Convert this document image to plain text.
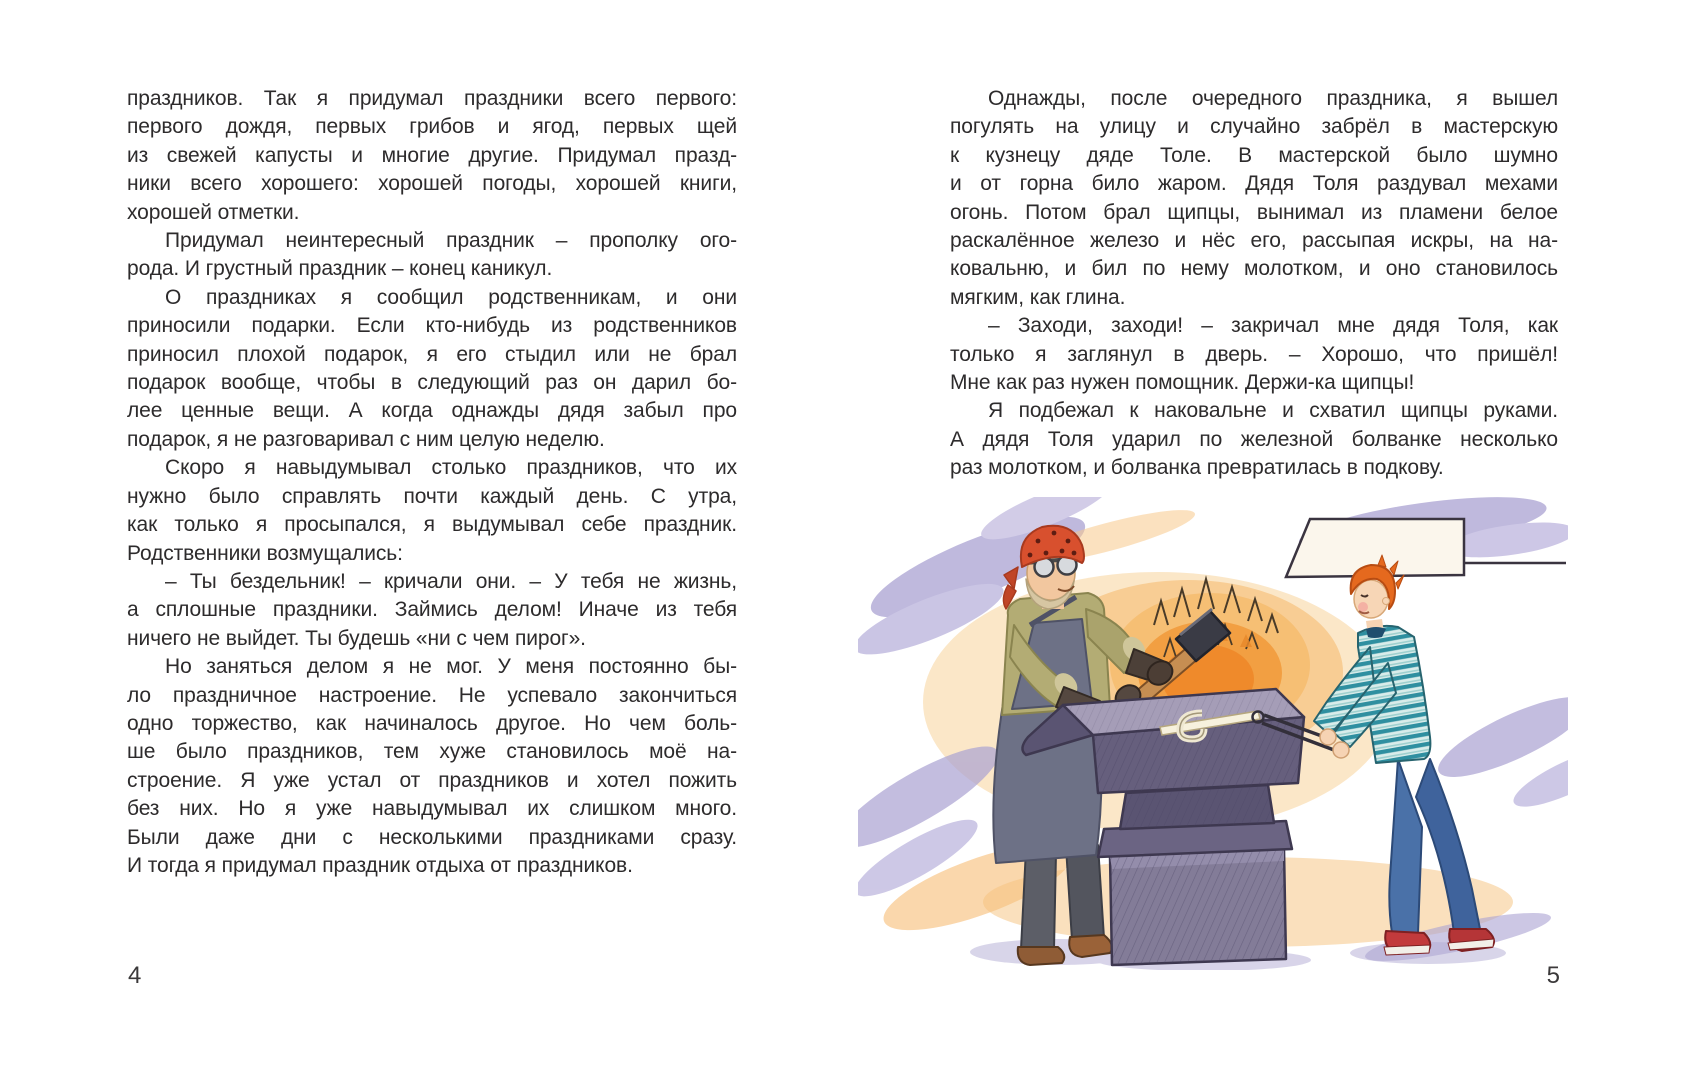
праздников. Так я придумал праздники всего первого:
первого дождя, первых грибов и ягод, первых щей
из свежей капусты и многие другие. Придумал празд-
ники всего хорошего: хорошей погоды, хорошей книги,
хорошей отметки.
Придумал неинтересный праздник – прополку ого-
рода. И грустный праздник – конец каникул.
О праздниках я сообщил родственникам, и они
приносили подарки. Если кто-нибудь из родственников
приносил плохой подарок, я его стыдил или не брал
подарок вообще, чтобы в следующий раз он дарил бо-
лее ценные вещи. А когда однажды дядя забыл про
подарок, я не разговаривал с ним целую неделю.
Скоро я навыдумывал столько праздников, что их
нужно было справлять почти каждый день. С утра,
как только я просыпался, я выдумывал себе праздник.
Родственники возмущались:
– Ты бездельник! – кричали они. – У тебя не жизнь,
а сплошные праздники. Займись делом! Иначе из тебя
ничего не выйдет. Ты будешь «ни с чем пирог».
Но заняться делом я не мог. У меня постоянно бы-
ло праздничное настроение. Не успевало закончиться
одно торжество, как начиналось другое. Но чем боль-
ше было праздников, тем хуже становилось моё на-
строение. Я уже устал от праздников и хотел пожить
без них. Но я уже навыдумывал их слишком много.
Были даже дни с несколькими праздниками сразу.
И тогда я придумал праздник отдыха от праздников.
Однажды, после очередного праздника, я вышел
погулять на улицу и случайно забрёл в мастерскую
к кузнецу дяде Толе. В мастерской было шумно
и от горна било жаром. Дядя Толя раздувал мехами
огонь. Потом брал щипцы, вынимал из пламени белое
раскалённое железо и нёс его, рассыпая искры, на на-
ковальню, и бил по нему молотком, и оно становилось
мягким, как глина.
– Заходи, заходи! – закричал мне дядя Толя, как
только я заглянул в дверь. – Хорошо, что пришёл!
Мне как раз нужен помощник. Держи-ка щипцы!
Я подбежал к наковальне и схватил щипцы руками.
А дядя Толя ударил по железной болванке несколько
раз молотком, и болванка превратилась в подкову.
4	5
